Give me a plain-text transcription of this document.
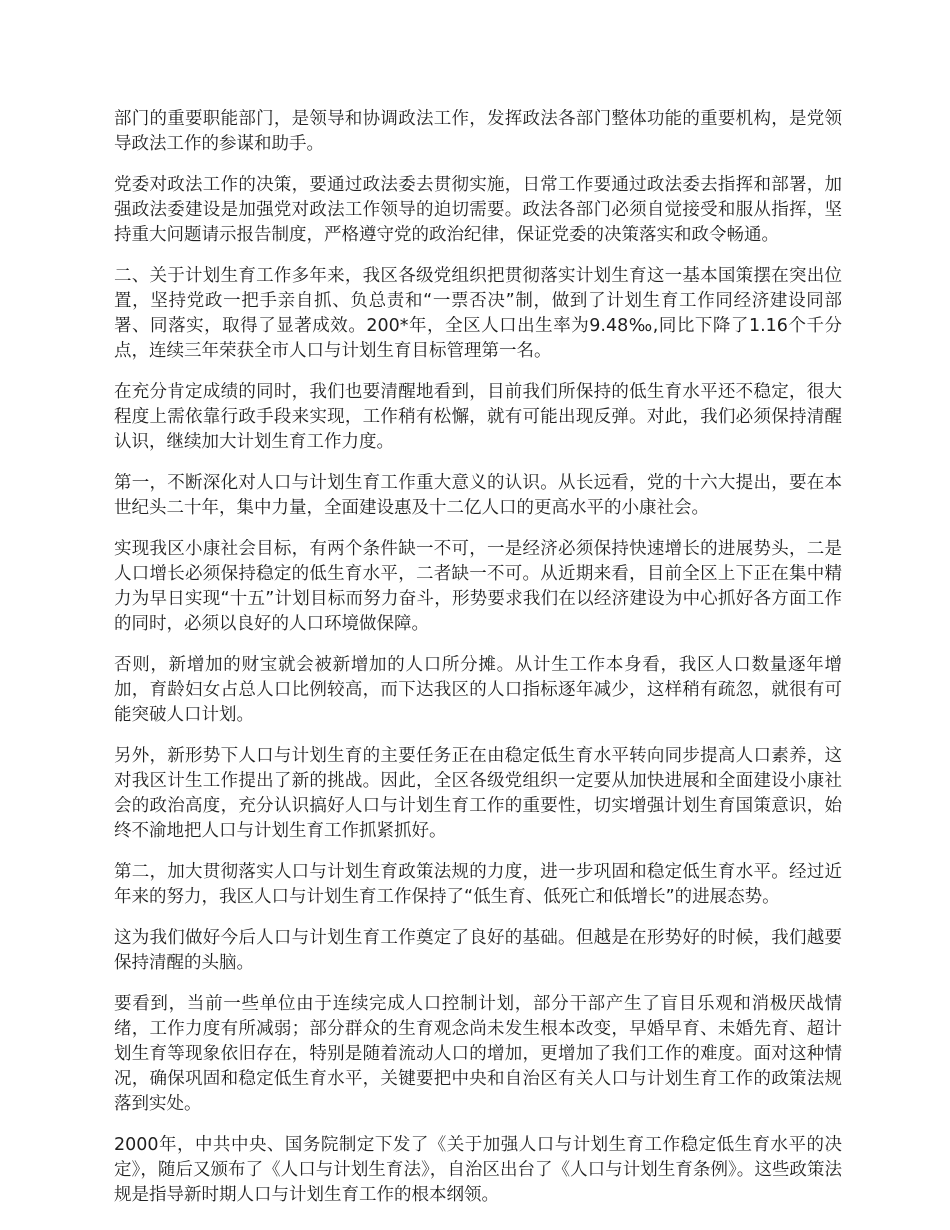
部门的重要职能部门，是领导和协调政法工作，发挥政法各部门整体功能的重要机构，是党领导政法工作的参谋和助手。

党委对政法工作的决策，要通过政法委去贯彻实施，日常工作要通过政法委去指挥和部署，加强政法委建设是加强党对政法工作领导的迫切需要。政法各部门必须自觉接受和服从指挥，坚持重大问题请示报告制度，严格遵守党的政治纪律，保证党委的决策落实和政令畅通。

二、关于计划生育工作多年来，我区各级党组织把贯彻落实计划生育这一基本国策摆在突出位置，坚持党政一把手亲自抓、负总责和“一票否决”制，做到了计划生育工作同经济建设同部署、同落实，取得了显著成效。200*年，全区人口出生率为9.48‰,同比下降了1.16个千分点，连续三年荣获全市人口与计划生育目标管理第一名。

在充分肯定成绩的同时，我们也要清醒地看到，目前我们所保持的低生育水平还不稳定，很大程度上需依靠行政手段来实现，工作稍有松懈，就有可能出现反弹。对此，我们必须保持清醒认识，继续加大计划生育工作力度。

第一，不断深化对人口与计划生育工作重大意义的认识。从长远看，党的十六大提出，要在本世纪头二十年，集中力量，全面建设惠及十二亿人口的更高水平的小康社会。

实现我区小康社会目标，有两个条件缺一不可，一是经济必须保持快速增长的进展势头，二是人口增长必须保持稳定的低生育水平，二者缺一不可。从近期来看，目前全区上下正在集中精力为早日实现“十五”计划目标而努力奋斗，形势要求我们在以经济建设为中心抓好各方面工作的同时，必须以良好的人口环境做保障。

否则，新增加的财宝就会被新增加的人口所分摊。从计生工作本身看，我区人口数量逐年增加，育龄妇女占总人口比例较高，而下达我区的人口指标逐年减少，这样稍有疏忽，就很有可能突破人口计划。

另外，新形势下人口与计划生育的主要任务正在由稳定低生育水平转向同步提高人口素养，这对我区计生工作提出了新的挑战。因此，全区各级党组织一定要从加快进展和全面建设小康社会的政治高度，充分认识搞好人口与计划生育工作的重要性，切实增强计划生育国策意识，始终不渝地把人口与计划生育工作抓紧抓好。

第二，加大贯彻落实人口与计划生育政策法规的力度，进一步巩固和稳定低生育水平。经过近年来的努力，我区人口与计划生育工作保持了“低生育、低死亡和低增长”的进展态势。

这为我们做好今后人口与计划生育工作奠定了良好的基础。但越是在形势好的时候，我们越要保持清醒的头脑。

要看到，当前一些单位由于连续完成人口控制计划，部分干部产生了盲目乐观和消极厌战情绪，工作力度有所减弱；部分群众的生育观念尚未发生根本改变，早婚早育、未婚先育、超计划生育等现象依旧存在，特别是随着流动人口的增加，更增加了我们工作的难度。面对这种情况，确保巩固和稳定低生育水平，关键要把中央和自治区有关人口与计划生育工作的政策法规落到实处。

2000年，中共中央、国务院制定下发了《关于加强人口与计划生育工作稳定低生育水平的决定》，随后又颁布了《人口与计划生育法》，自治区出台了《人口与计划生育条例》。这些政策法规是指导新时期人口与计划生育工作的根本纲领。
